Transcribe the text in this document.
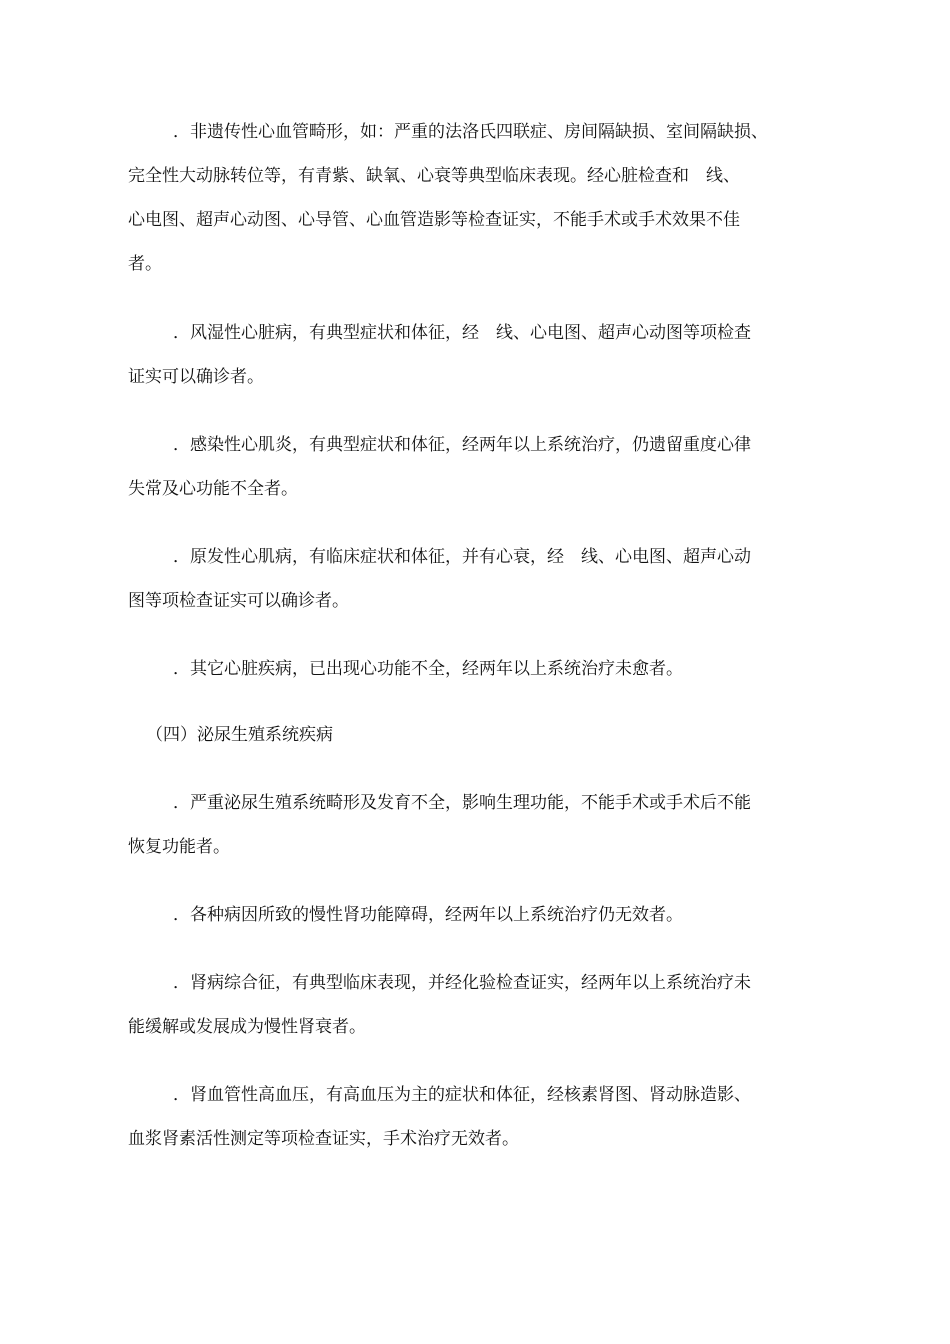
．非遗传性心血管畸形，如：严重的法洛氏四联症、房间隔缺损、室间隔缺损、
完全性大动脉转位等，有青紫、缺氧、心衰等典型临床表现。经心脏检查和　线、
心电图、超声心动图、心导管、心血管造影等检查证实，不能手术或手术效果不佳
者。
．风湿性心脏病，有典型症状和体征，经　线、心电图、超声心动图等项检查
证实可以确诊者。
．感染性心肌炎，有典型症状和体征，经两年以上系统治疗，仍遗留重度心律
失常及心功能不全者。
．原发性心肌病，有临床症状和体征，并有心衰，经　线、心电图、超声心动
图等项检查证实可以确诊者。
．其它心脏疾病，已出现心功能不全，经两年以上系统治疗未愈者。
（四）泌尿生殖系统疾病
．严重泌尿生殖系统畸形及发育不全，影响生理功能，不能手术或手术后不能
恢复功能者。
．各种病因所致的慢性肾功能障碍，经两年以上系统治疗仍无效者。
．肾病综合征，有典型临床表现，并经化验检查证实，经两年以上系统治疗未
能缓解或发展成为慢性肾衰者。
．肾血管性高血压，有高血压为主的症状和体征，经核素肾图、肾动脉造影、
血浆肾素活性测定等项检查证实，手术治疗无效者。
